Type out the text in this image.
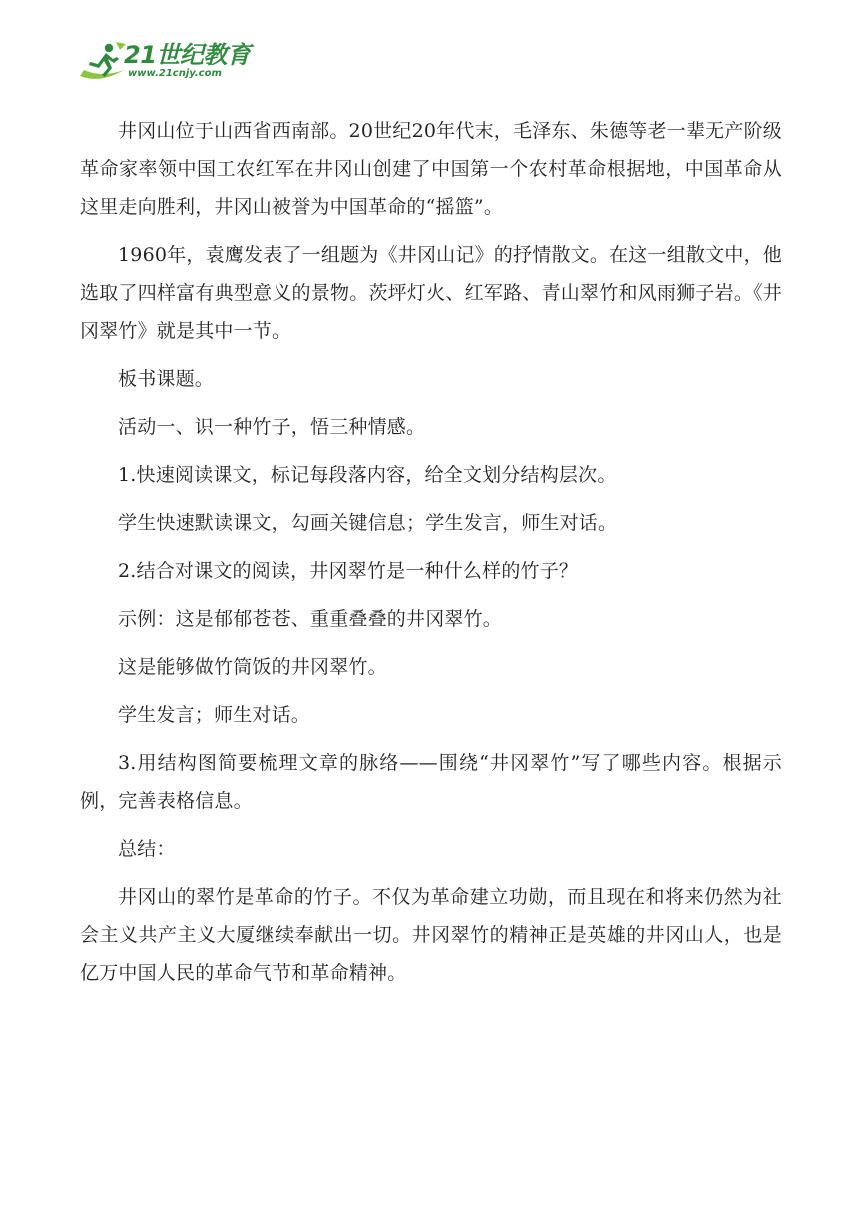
21世纪教育
www.21cnjy.com

井冈山位于山西省西南部。20世纪20年代末，毛泽东、朱德等老一辈无产阶级革命家率领中国工农红军在井冈山创建了中国第一个农村革命根据地，中国革命从这里走向胜利，井冈山被誉为中国革命的“摇篮”。

1960年，袁鹰发表了一组题为《井冈山记》的抒情散文。在这一组散文中，他选取了四样富有典型意义的景物。茨坪灯火、红军路、青山翠竹和风雨狮子岩。《井冈翠竹》就是其中一节。

板书课题。

活动一、识一种竹子，悟三种情感。

1.快速阅读课文，标记每段落内容，给全文划分结构层次。

学生快速默读课文，勾画关键信息；学生发言，师生对话。

2.结合对课文的阅读，井冈翠竹是一种什么样的竹子？

示例：这是郁郁苍苍、重重叠叠的井冈翠竹。

这是能够做竹筒饭的井冈翠竹。

学生发言；师生对话。

3.用结构图简要梳理文章的脉络——围绕“井冈翠竹”写了哪些内容。根据示例，完善表格信息。

总结：

井冈山的翠竹是革命的竹子。不仅为革命建立功勋，而且现在和将来仍然为社会主义共产主义大厦继续奉献出一切。井冈翠竹的精神正是英雄的井冈山人，也是亿万中国人民的革命气节和革命精神。
